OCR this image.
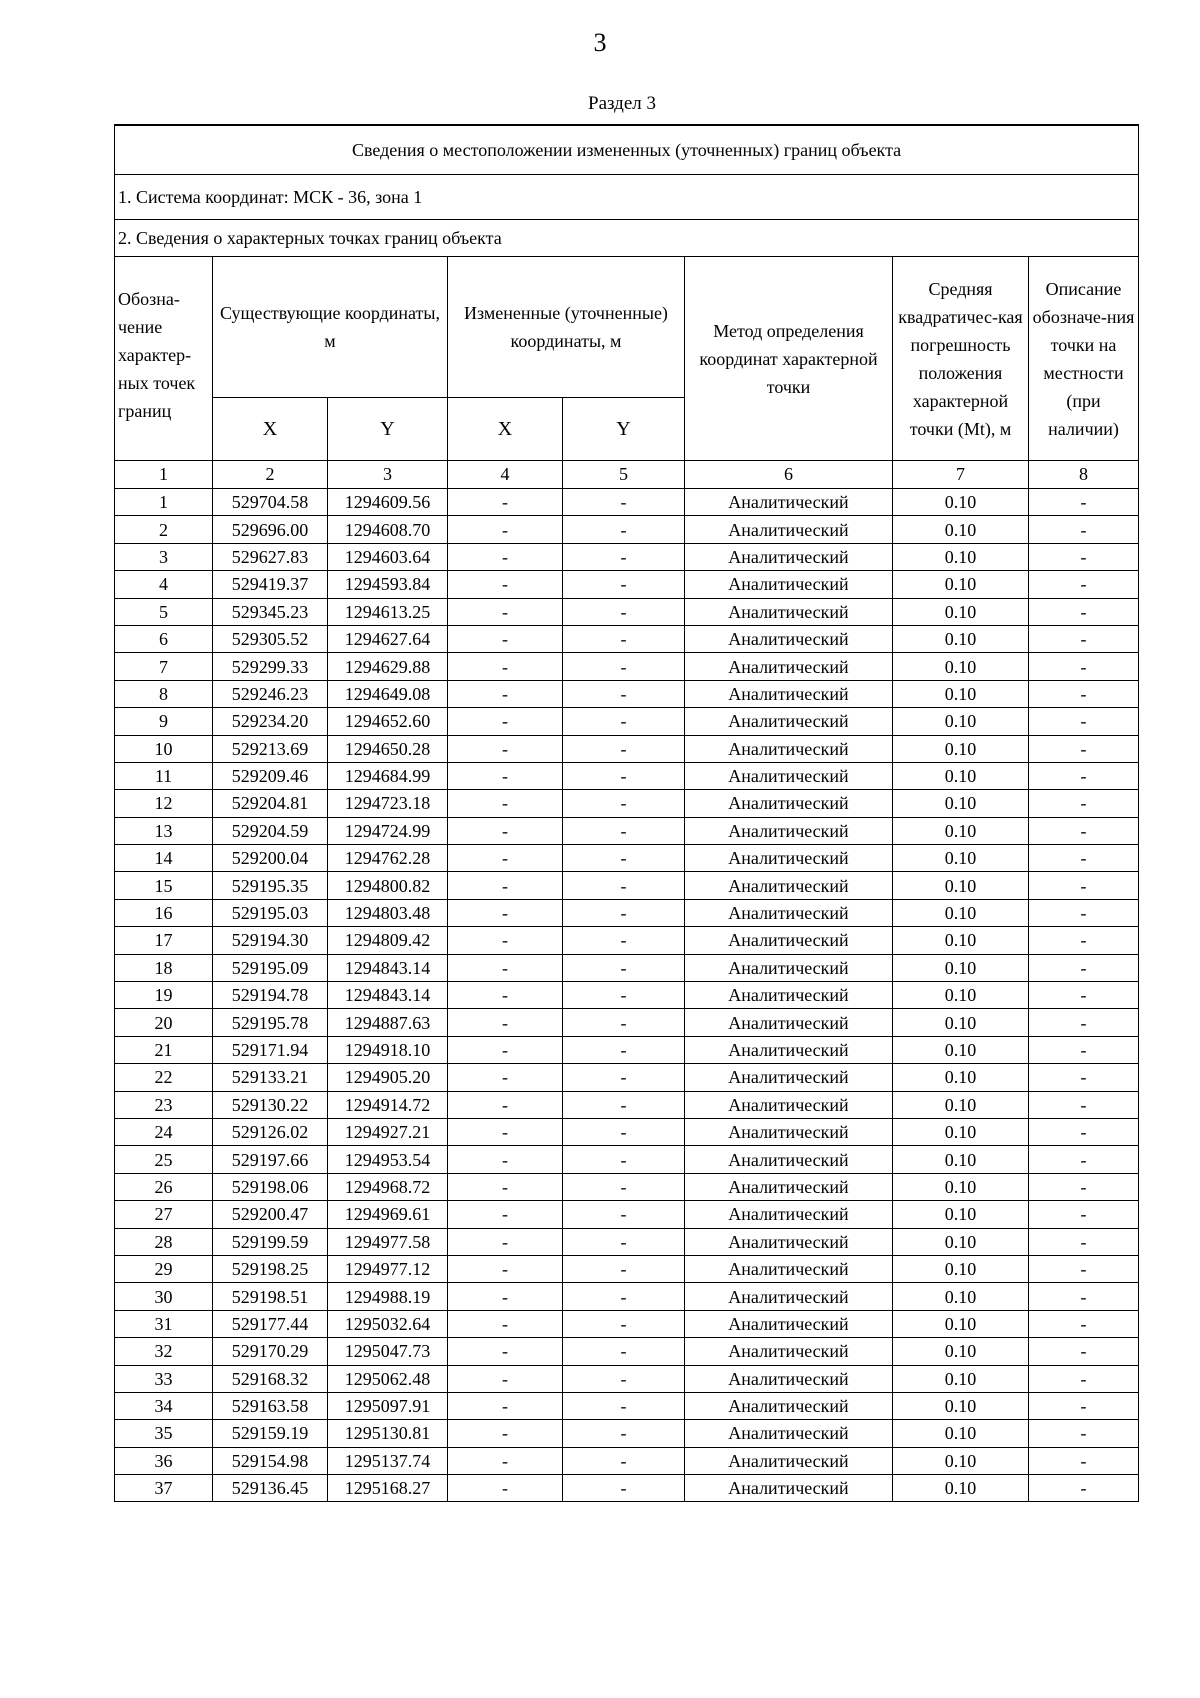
3
Раздел 3
Сведения о местоположении измененных (уточненных) границ объекта							
1. Система координат: МСК - 36, зона 1							
2. Сведения о характерных точках границ объекта							
Обозна-чение характер-ных точек границ	Существующие координаты, м		Измененные (уточненные) координаты, м		Метод определения координат характерной точки	Средняя квадратичес-кая погрешность положения характерной точки (Mt), м	Описание обозначе-ния точки на местности (при наличии)
	X	Y	X	Y			
1	2	3	4	5	6	7	8
1	529704.58	1294609.56	-	-	Аналитический	0.10	-
2	529696.00	1294608.70	-	-	Аналитический	0.10	-
3	529627.83	1294603.64	-	-	Аналитический	0.10	-
4	529419.37	1294593.84	-	-	Аналитический	0.10	-
5	529345.23	1294613.25	-	-	Аналитический	0.10	-
6	529305.52	1294627.64	-	-	Аналитический	0.10	-
7	529299.33	1294629.88	-	-	Аналитический	0.10	-
8	529246.23	1294649.08	-	-	Аналитический	0.10	-
9	529234.20	1294652.60	-	-	Аналитический	0.10	-
10	529213.69	1294650.28	-	-	Аналитический	0.10	-
11	529209.46	1294684.99	-	-	Аналитический	0.10	-
12	529204.81	1294723.18	-	-	Аналитический	0.10	-
13	529204.59	1294724.99	-	-	Аналитический	0.10	-
14	529200.04	1294762.28	-	-	Аналитический	0.10	-
15	529195.35	1294800.82	-	-	Аналитический	0.10	-
16	529195.03	1294803.48	-	-	Аналитический	0.10	-
17	529194.30	1294809.42	-	-	Аналитический	0.10	-
18	529195.09	1294843.14	-	-	Аналитический	0.10	-
19	529194.78	1294843.14	-	-	Аналитический	0.10	-
20	529195.78	1294887.63	-	-	Аналитический	0.10	-
21	529171.94	1294918.10	-	-	Аналитический	0.10	-
22	529133.21	1294905.20	-	-	Аналитический	0.10	-
23	529130.22	1294914.72	-	-	Аналитический	0.10	-
24	529126.02	1294927.21	-	-	Аналитический	0.10	-
25	529197.66	1294953.54	-	-	Аналитический	0.10	-
26	529198.06	1294968.72	-	-	Аналитический	0.10	-
27	529200.47	1294969.61	-	-	Аналитический	0.10	-
28	529199.59	1294977.58	-	-	Аналитический	0.10	-
29	529198.25	1294977.12	-	-	Аналитический	0.10	-
30	529198.51	1294988.19	-	-	Аналитический	0.10	-
31	529177.44	1295032.64	-	-	Аналитический	0.10	-
32	529170.29	1295047.73	-	-	Аналитический	0.10	-
33	529168.32	1295062.48	-	-	Аналитический	0.10	-
34	529163.58	1295097.91	-	-	Аналитический	0.10	-
35	529159.19	1295130.81	-	-	Аналитический	0.10	-
36	529154.98	1295137.74	-	-	Аналитический	0.10	-
37	529136.45	1295168.27	-	-	Аналитический	0.10	-
